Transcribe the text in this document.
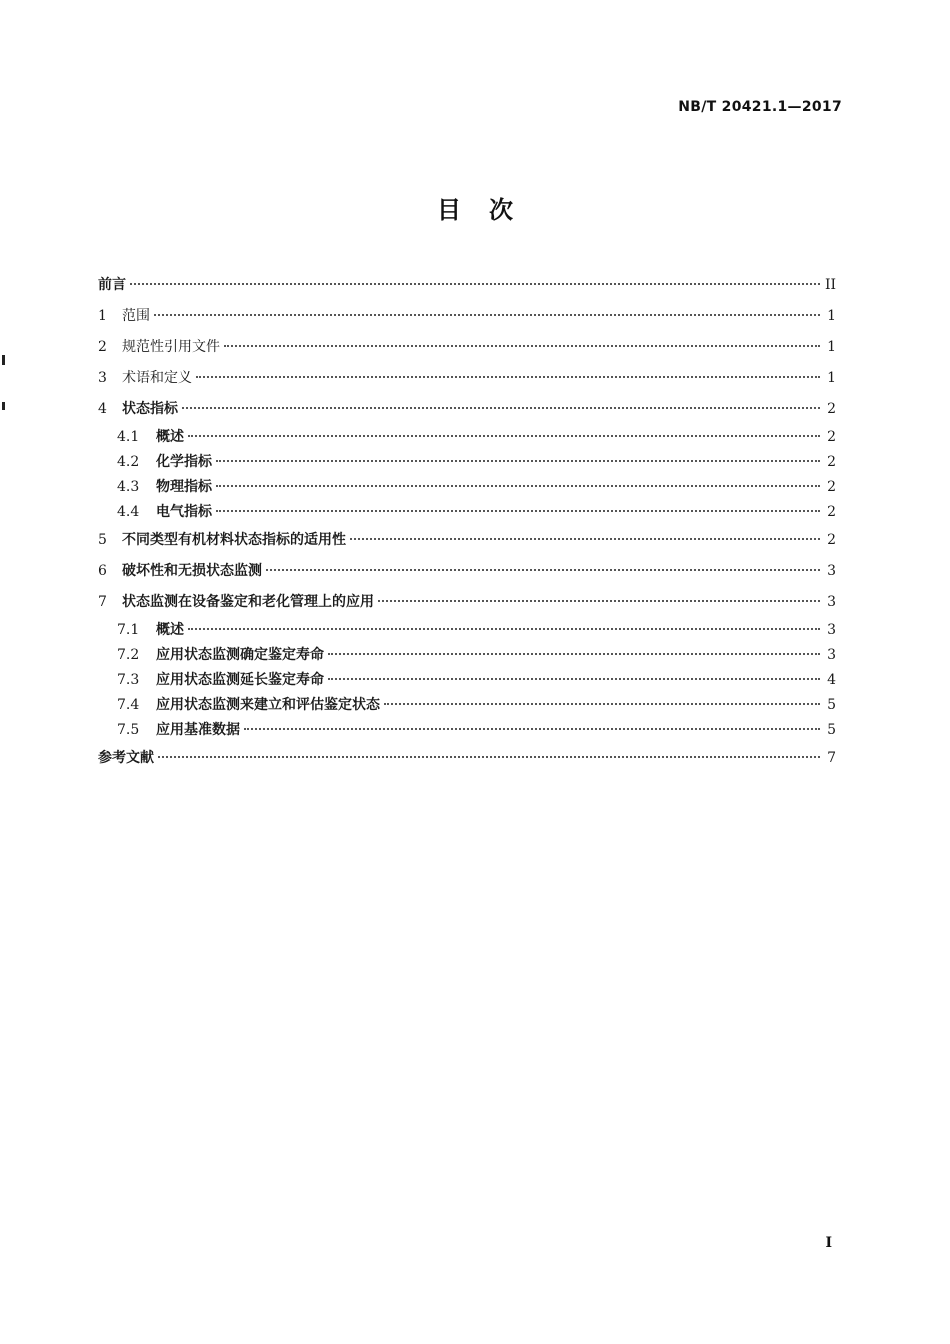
NB/T 20421.1—2017
目次
前言	II
1	范围	1
2	规范性引用文件	1
3	术语和定义	1
4	状态指标	2
4.1	概述	2
4.2	化学指标	2
4.3	物理指标	2
4.4	电气指标	2
5	不同类型有机材料状态指标的适用性	2
6	破坏性和无损状态监测	3
7	状态监测在设备鉴定和老化管理上的应用	3
7.1	概述	3
7.2	应用状态监测确定鉴定寿命	3
7.3	应用状态监测延长鉴定寿命	4
7.4	应用状态监测来建立和评估鉴定状态	5
7.5	应用基准数据	5
参考文献	7
I
